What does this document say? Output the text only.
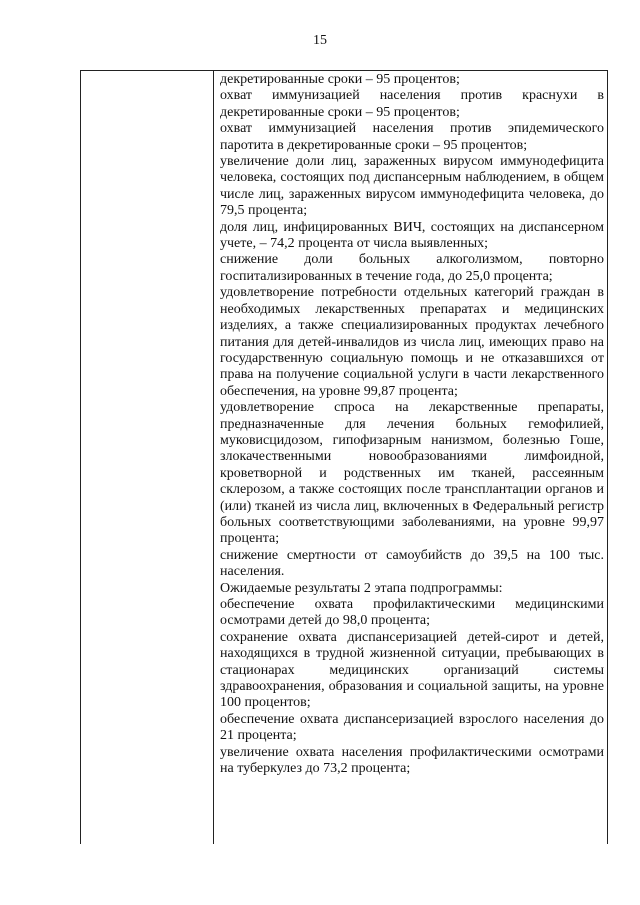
15

декретированные сроки – 95 процентов;

охват иммунизацией населения против краснухи в декретированные сроки – 95 процентов;

охват иммунизацией населения против эпидемического паротита в декретированные сроки – 95 процентов;

увеличение доли лиц, зараженных вирусом иммунодефицита человека, состоящих под диспансерным наблюдением, в общем числе лиц, зараженных вирусом иммунодефицита человека, до 79,5 процента;

доля лиц, инфицированных ВИЧ, состоящих на диспансерном учете, – 74,2 процента от числа выявленных;

снижение доли больных алкоголизмом, повторно госпитализированных в течение года, до 25,0 процента;

удовлетворение потребности отдельных категорий граждан в необходимых лекарственных препаратах и медицинских изделиях, а также специализированных продуктах лечебного питания для детей-инвалидов из числа лиц, имеющих право на государственную социальную помощь и не отказавшихся от права на получение социальной услуги в части лекарственного обеспечения, на уровне 99,87 процента;

удовлетворение спроса на лекарственные препараты, предназначенные для лечения больных гемофилией, муковисцидозом, гипофизарным нанизмом, болезнью Гоше, злокачественными новообразованиями лимфоидной, кроветворной и родственных им тканей, рассеянным склерозом, а также состоящих после трансплантации органов и (или) тканей из числа лиц, включенных в Федеральный регистр больных соответствующими заболеваниями, на уровне 99,97 процента;

снижение смертности от самоубийств до 39,5 на 100 тыс. населения.

Ожидаемые результаты 2 этапа подпрограммы:

обеспечение охвата профилактическими медицинскими осмотрами детей до 98,0 процента;

сохранение охвата диспансеризацией детей-сирот и детей, находящихся в трудной жизненной ситуации, пребывающих в стационарах медицинских организаций системы здравоохранения, образования и социальной защиты, на уровне 100 процентов;

обеспечение охвата диспансеризацией взрослого населения до 21 процента;

увеличение охвата населения профилактическими осмотрами на туберкулез до 73,2 процента;
